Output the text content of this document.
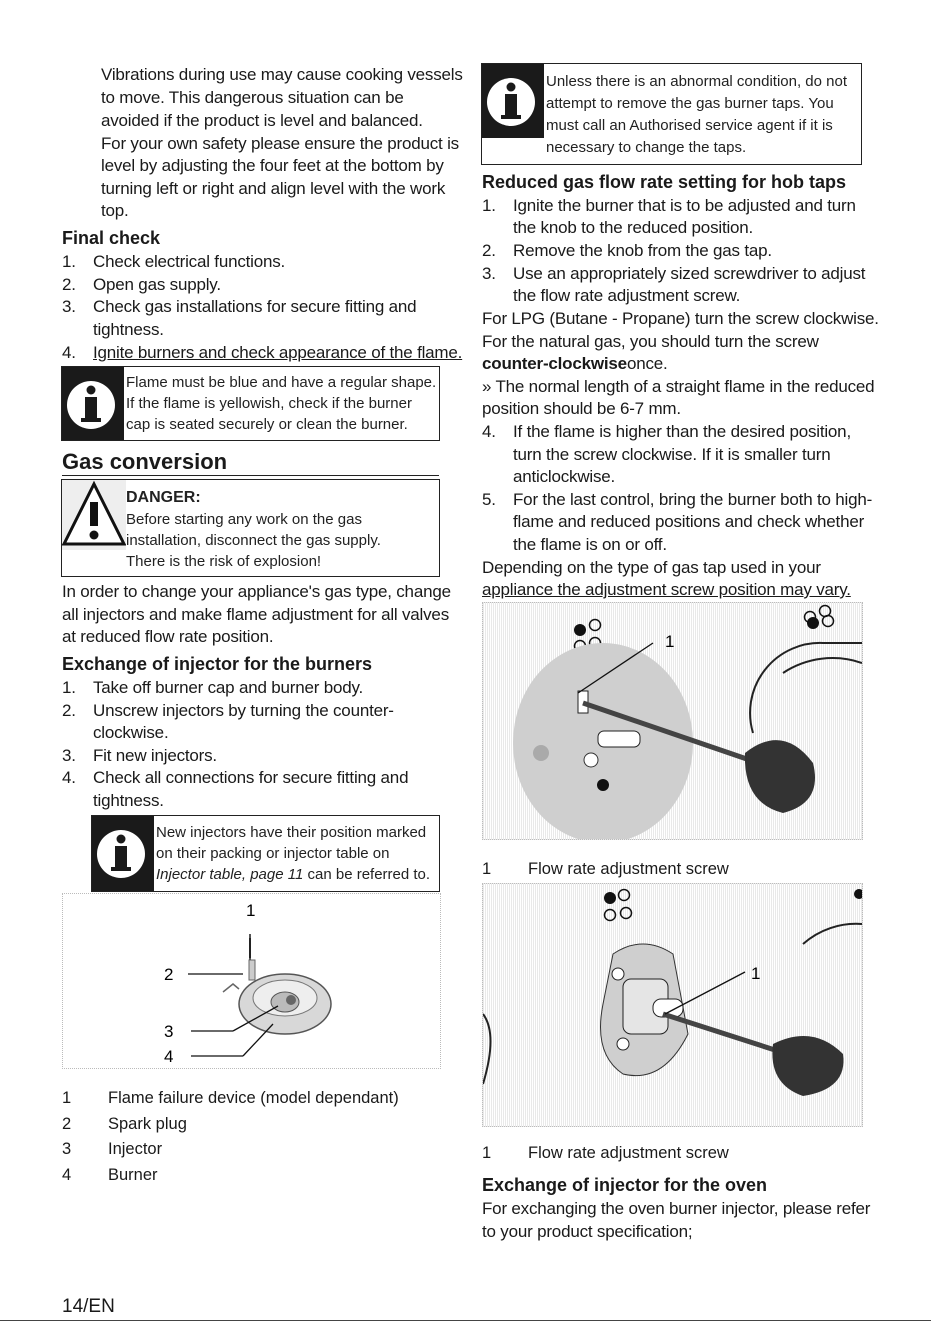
Vibrations during use may cause cooking vessels
to move. This dangerous situation can be
avoided if the product is level and balanced.
For your own safety please ensure the product is
level by adjusting the four feet at the bottom by
turning left or right and align level with the work
top.
Final check
1. Check electrical functions.
2. Open gas supply.
3. Check gas installations for secure fitting and
tightness.
4. Ignite burners and check appearance of the flame.
Flame must be blue and have a regular shape.
If the flame is yellowish, check if the burner
cap is seated securely or clean the burner.
Gas conversion
DANGER:
Before starting any work on the gas
installation, disconnect the gas supply.
There is the risk of explosion!
In order to change your appliance's gas type, change
all injectors and make flame adjustment for all valves
at reduced flow rate position.
Exchange of injector for the burners
1. Take off burner cap and burner body.
2. Unscrew injectors by turning the counter-
clockwise.
3. Fit new injectors.
4. Check all connections for secure fitting and
tightness.
New injectors have their position marked
on their packing or injector table on
Injector table, page 11 can be referred to.
1
2
3
4
1 Flame failure device (model dependant)
2 Spark plug
3 Injector
4 Burner
Unless there is an abnormal condition, do not
attempt to remove the gas burner taps. You
must call an Authorised service agent if it is
necessary to change the taps.
Reduced gas flow rate setting for hob taps
1. Ignite the burner that is to be adjusted and turn
the knob to the reduced position.
2. Remove the knob from the gas tap.
3. Use an appropriately sized screwdriver to adjust
the flow rate adjustment screw.
For LPG (Butane - Propane) turn the screw clockwise.
For the natural gas, you should turn the screw
counter-clockwiseonce.
» The normal length of a straight flame in the reduced
position should be 6-7 mm.
4. If the flame is higher than the desired position,
turn the screw clockwise. If it is smaller turn
anticlockwise.
5. For the last control, bring the burner both to high-
flame and reduced positions and check whether
the flame is on or off.
Depending on the type of gas tap used in your
appliance the adjustment screw position may vary.
1
1 Flow rate adjustment screw
1
1 Flow rate adjustment screw
Exchange of injector for the oven
For exchanging the oven burner injector, please refer
to your product specification;
14/EN
